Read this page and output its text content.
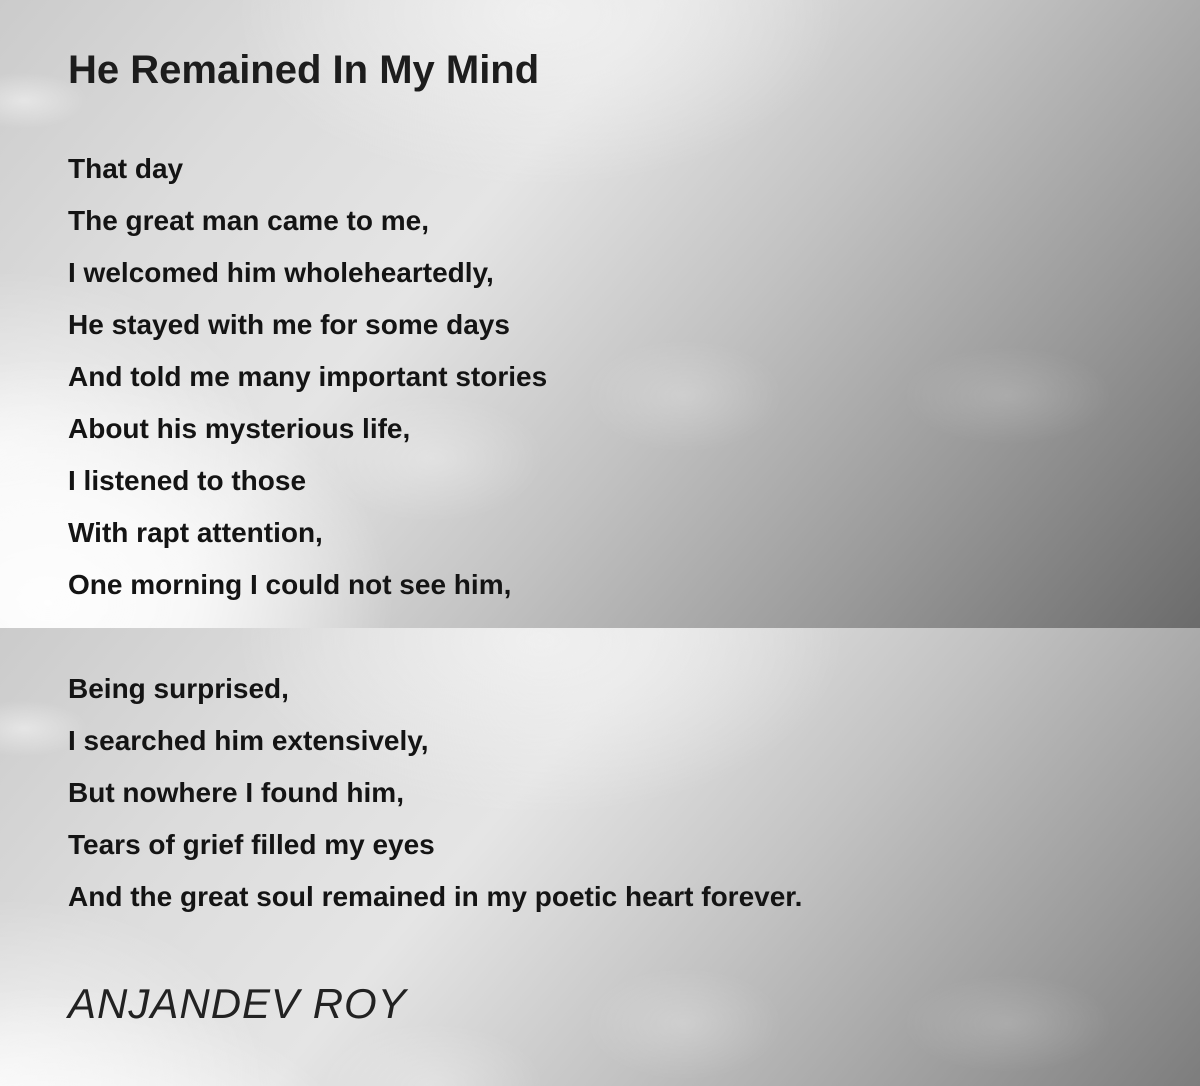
He Remained In My Mind
That day
The great man came to me,
I welcomed him wholeheartedly,
He stayed with me for some days
And told me many important stories
About his mysterious life,
I listened to those
With rapt attention,
One morning I could not see him,
Being surprised,
I searched him extensively,
But nowhere I found him,
Tears of grief filled my eyes
And the great soul remained in my poetic heart forever.
ANJANDEV ROY
